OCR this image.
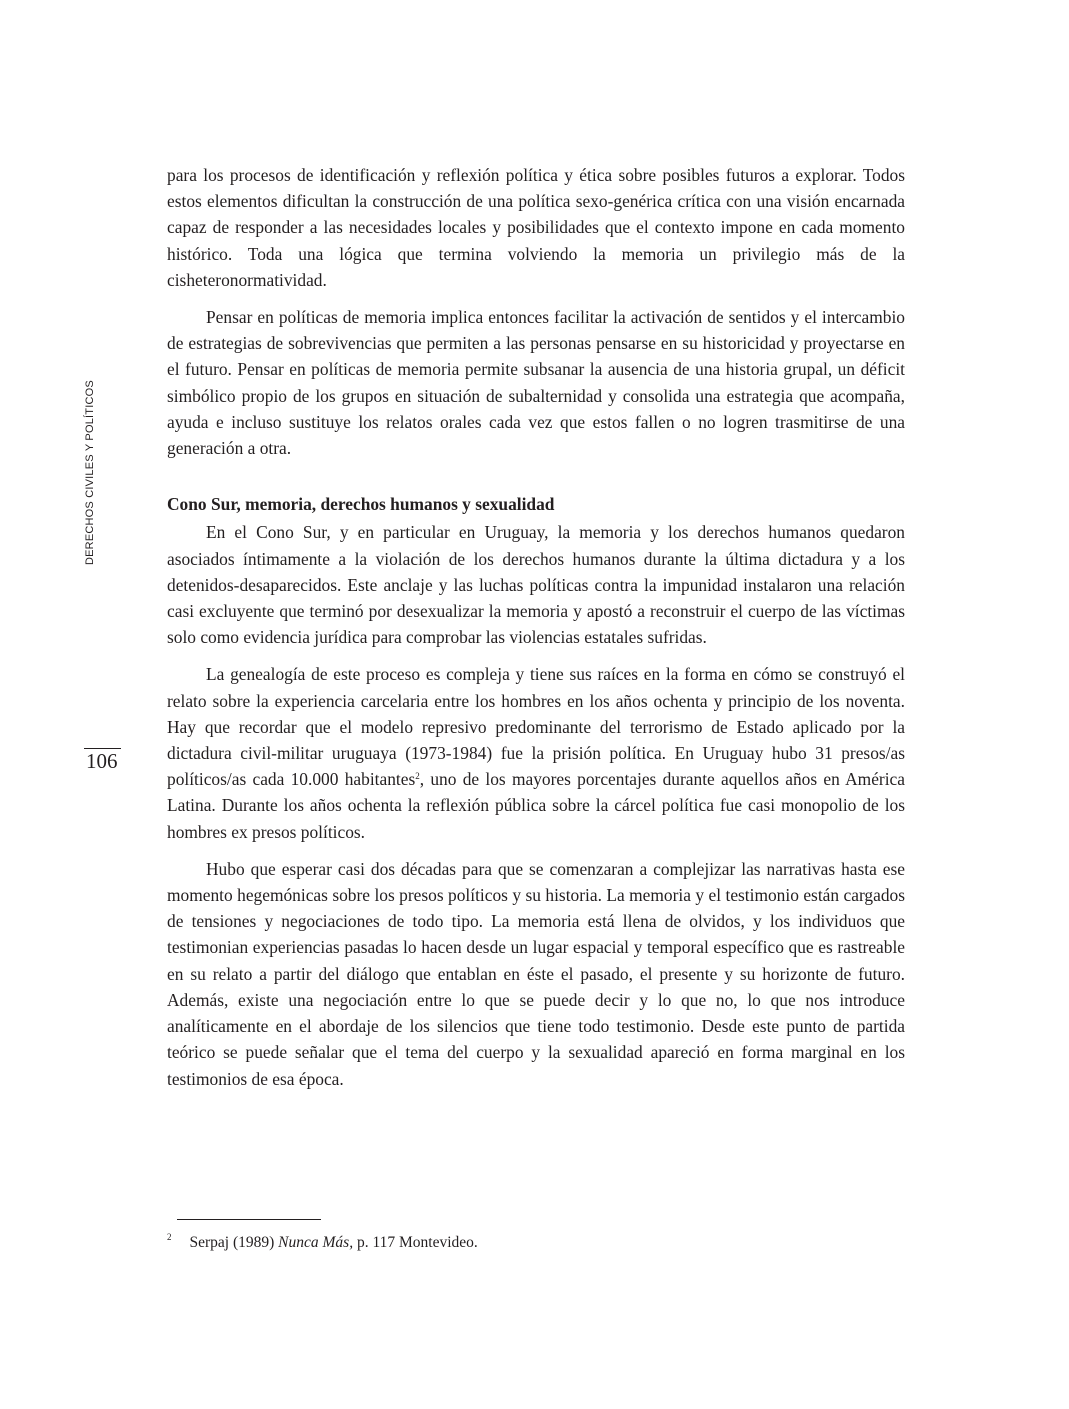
DERECHOS CIVILES Y POLÍTICOS
106

para los procesos de identificación y reflexión política y ética sobre posibles futuros a explorar. Todos estos elementos dificultan la construcción de una política sexo-genérica crítica con una visión encarnada capaz de responder a las necesidades locales y posibilidades que el contexto impone en cada momento histórico. Toda una lógica que termina volviendo la memoria un privilegio más de la cisheteronormatividad.

Pensar en políticas de memoria implica entonces facilitar la activación de sentidos y el intercambio de estrategias de sobrevivencias que permiten a las personas pensarse en su historicidad y proyectarse en el futuro. Pensar en políticas de memoria permite subsanar la ausencia de una historia grupal, un déficit simbólico propio de los grupos en situación de subalternidad y consolida una estrategia que acompaña, ayuda e incluso sustituye los relatos orales cada vez que estos fallen o no logren trasmitirse de una generación a otra.

Cono Sur, memoria, derechos humanos y sexualidad

En el Cono Sur, y en particular en Uruguay, la memoria y los derechos humanos quedaron asociados íntimamente a la violación de los derechos humanos durante la última dictadura y a los detenidos-desaparecidos. Este anclaje y las luchas políticas contra la impunidad instalaron una relación casi excluyente que terminó por desexualizar la memoria y apostó a reconstruir el cuerpo de las víctimas solo como evidencia jurídica para comprobar las violencias estatales sufridas.

La genealogía de este proceso es compleja y tiene sus raíces en la forma en cómo se construyó el relato sobre la experiencia carcelaria entre los hombres en los años ochenta y principio de los noventa. Hay que recordar que el modelo represivo predominante del terrorismo de Estado aplicado por la dictadura civil-militar uruguaya (1973-1984) fue la prisión política. En Uruguay hubo 31 presos/as políticos/as cada 10.000 habitantes$^2$, uno de los mayores porcentajes durante aquellos años en América Latina. Durante los años ochenta la reflexión pública sobre la cárcel política fue casi monopolio de los hombres ex presos políticos.

Hubo que esperar casi dos décadas para que se comenzaran a complejizar las narrativas hasta ese momento hegemónicas sobre los presos políticos y su historia. La memoria y el testimonio están cargados de tensiones y negociaciones de todo tipo. La memoria está llena de olvidos, y los individuos que testimonian experiencias pasadas lo hacen desde un lugar espacial y temporal específico que es rastreable en su relato a partir del diálogo que entablan en éste el pasado, el presente y su horizonte de futuro. Además, existe una negociación entre lo que se puede decir y lo que no, lo que nos introduce analíticamente en el abordaje de los silencios que tiene todo testimonio. Desde este punto de partida teórico se puede señalar que el tema del cuerpo y la sexualidad apareció en forma marginal en los testimonios de esa época.

$^2$ Serpaj (1989) Nunca Más, p. 117 Montevideo.
